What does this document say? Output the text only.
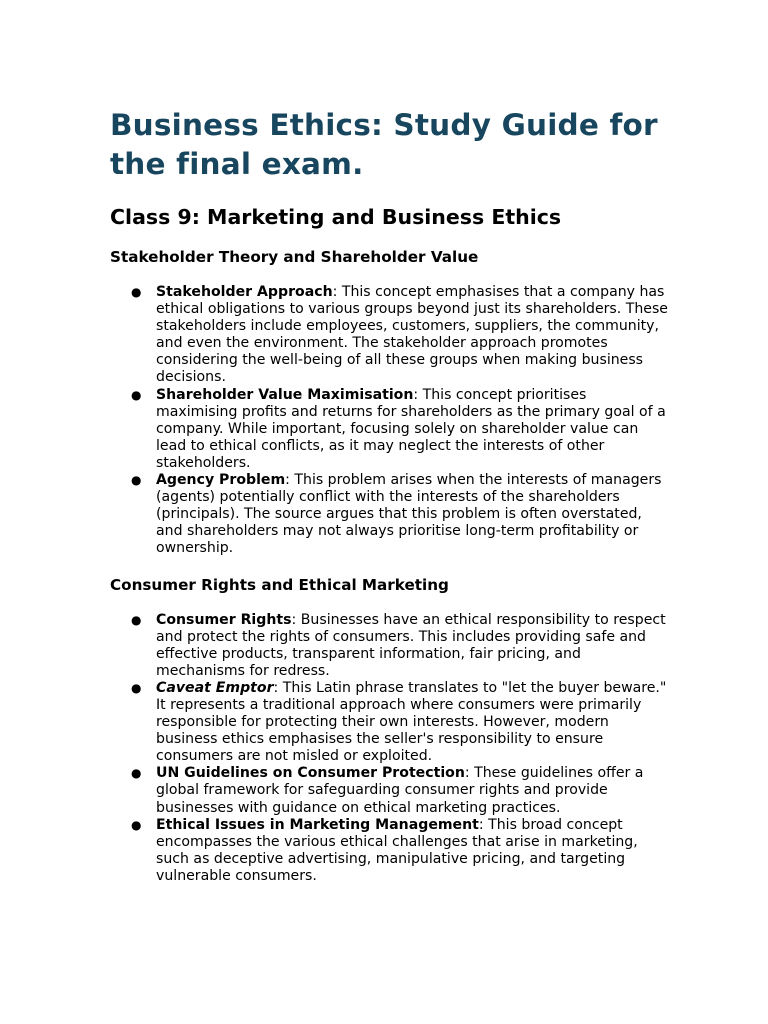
Business Ethics: Study Guide for the final exam.
Class 9: Marketing and Business Ethics
Stakeholder Theory and Shareholder Value
● Stakeholder Approach: This concept emphasises that a company has ethical obligations to various groups beyond just its shareholders. These stakeholders include employees, customers, suppliers, the community, and even the environment. The stakeholder approach promotes considering the well-being of all these groups when making business decisions.
● Shareholder Value Maximisation: This concept prioritises maximising profits and returns for shareholders as the primary goal of a company. While important, focusing solely on shareholder value can lead to ethical conflicts, as it may neglect the interests of other stakeholders.
● Agency Problem: This problem arises when the interests of managers (agents) potentially conflict with the interests of the shareholders (principals). The source argues that this problem is often overstated, and shareholders may not always prioritise long-term profitability or ownership.
Consumer Rights and Ethical Marketing
● Consumer Rights: Businesses have an ethical responsibility to respect and protect the rights of consumers. This includes providing safe and effective products, transparent information, fair pricing, and mechanisms for redress.
● Caveat Emptor: This Latin phrase translates to "let the buyer beware." It represents a traditional approach where consumers were primarily responsible for protecting their own interests. However, modern business ethics emphasises the seller's responsibility to ensure consumers are not misled or exploited.
● UN Guidelines on Consumer Protection: These guidelines offer a global framework for safeguarding consumer rights and provide businesses with guidance on ethical marketing practices.
● Ethical Issues in Marketing Management: This broad concept encompasses the various ethical challenges that arise in marketing, such as deceptive advertising, manipulative pricing, and targeting vulnerable consumers.
